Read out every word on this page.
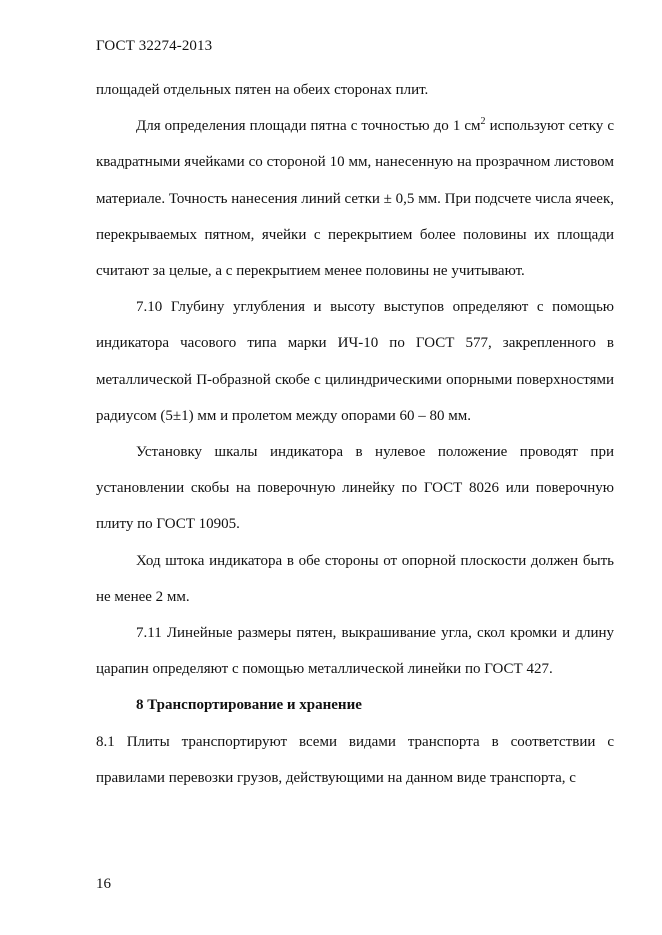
ГОСТ 32274-2013

площадей отдельных пятен на обеих сторонах плит.

Для определения площади пятна с точностью до 1 $см^2$ используют сетку с квадратными ячейками со стороной 10 мм, нанесенную на прозрачном листовом материале. Точность нанесения линий сетки ± 0,5 мм. При подсчете числа ячеек, перекрываемых пятном, ячейки с перекрытием более половины их площади считают за целые, а с перекрытием менее половины не учитывают.

7.10 Глубину углубления и высоту выступов определяют с помощью индикатора часового типа марки ИЧ-10 по ГОСТ 577, закрепленного в металлической П-образной скобе с цилиндрическими опорными поверхностями радиусом (5±1) мм и пролетом между опорами 60 – 80 мм.

Установку шкалы индикатора в нулевое положение проводят при установлении скобы на поверочную линейку по ГОСТ 8026 или поверочную плиту по ГОСТ 10905.

Ход штока индикатора в обе стороны от опорной плоскости должен быть не менее 2 мм.

7.11 Линейные размеры пятен, выкрашивание угла, скол кромки и длину царапин определяют с помощью металлической линейки по ГОСТ 427.

8 Транспортирование и хранение

8.1 Плиты транспортируют всеми видами транспорта в соответствии с правилами перевозки грузов, действующими на данном виде транспорта, с

16
